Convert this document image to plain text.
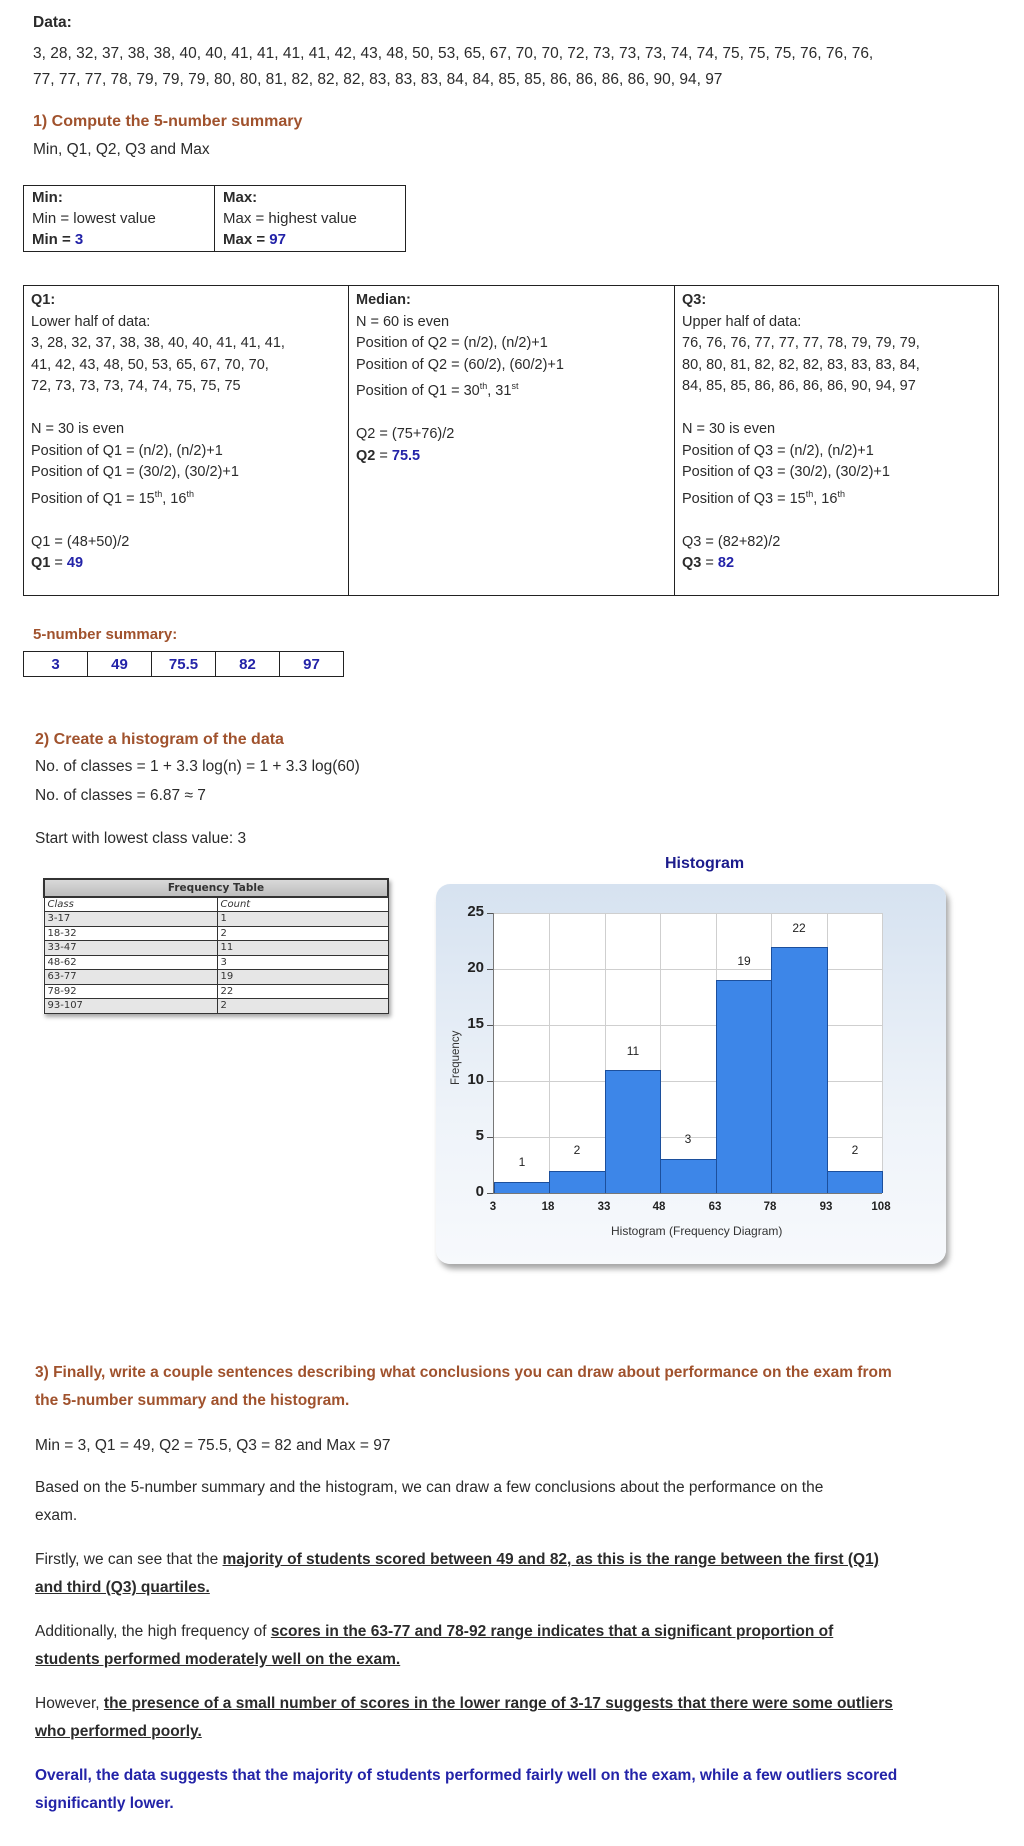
Data:
3, 28, 32, 37, 38, 38, 40, 40, 41, 41, 41, 41, 42, 43, 48, 50, 53, 65, 67, 70, 70, 72, 73, 73, 73, 74, 74, 75, 75, 75, 76, 76, 76,
77, 77, 77, 78, 79, 79, 79, 80, 80, 81, 82, 82, 82, 83, 83, 83, 84, 84, 85, 85, 86, 86, 86, 86, 90, 94, 97
1) Compute the 5-number summary
Min, Q1, Q2, Q3 and Max
Min:
Min = lowest value
Min = 3

Max:
Max = highest value
Max = 97
Q1:
Lower half of data:
3, 28, 32, 37, 38, 38, 40, 40, 41, 41, 41,
41, 42, 43, 48, 50, 53, 65, 67, 70, 70,
72, 73, 73, 73, 74, 74, 75, 75, 75
N = 30 is even
Position of Q1 = (n/2), (n/2)+1
Position of Q1 = (30/2), (30/2)+1
Position of Q1 = 15th, 16th
Q1 = (48+50)/2
Q1 = 49

Median:
N = 60 is even
Position of Q2 = (n/2), (n/2)+1
Position of Q2 = (60/2), (60/2)+1
Position of Q1 = 30th, 31st
Q2 = (75+76)/2
Q2 = 75.5

Q3:
Upper half of data:
76, 76, 76, 77, 77, 77, 78, 79, 79, 79,
80, 80, 81, 82, 82, 82, 83, 83, 83, 84,
84, 85, 85, 86, 86, 86, 86, 90, 94, 97
N = 30 is even
Position of Q3 = (n/2), (n/2)+1
Position of Q3 = (30/2), (30/2)+1
Position of Q3 = 15th, 16th
Q3 = (82+82)/2
Q3 = 82
5-number summary:
3	49	75.5	82	97
2) Create a histogram of the data
No. of classes = 1 + 3.3 log(n) = 1 + 3.3 log(60)
No. of classes = 6.87 ≈ 7
Start with lowest class value: 3
Frequency Table	
Class	Count
3-17	1
18-32	2
33-47	11
48-62	3
63-77	19
78-92	22
93-107	2
Histogram
Frequency
25
20
15
10
5
0
1
2
11
3
19
22
2
3	18	33	48	63	78	93	108
Histogram (Frequency Diagram)
3) Finally, write a couple sentences describing what conclusions you can draw about performance on the exam from
the 5-number summary and the histogram.
Min = 3, Q1 = 49, Q2 = 75.5, Q3 = 82 and Max = 97
Based on the 5-number summary and the histogram, we can draw a few conclusions about the performance on the
exam.
Firstly, we can see that the majority of students scored between 49 and 82, as this is the range between the first (Q1)
and third (Q3) quartiles.
Additionally, the high frequency of scores in the 63-77 and 78-92 range indicates that a significant proportion of
students performed moderately well on the exam.
However, the presence of a small number of scores in the lower range of 3-17 suggests that there were some outliers
who performed poorly.
Overall, the data suggests that the majority of students performed fairly well on the exam, while a few outliers scored
significantly lower.
